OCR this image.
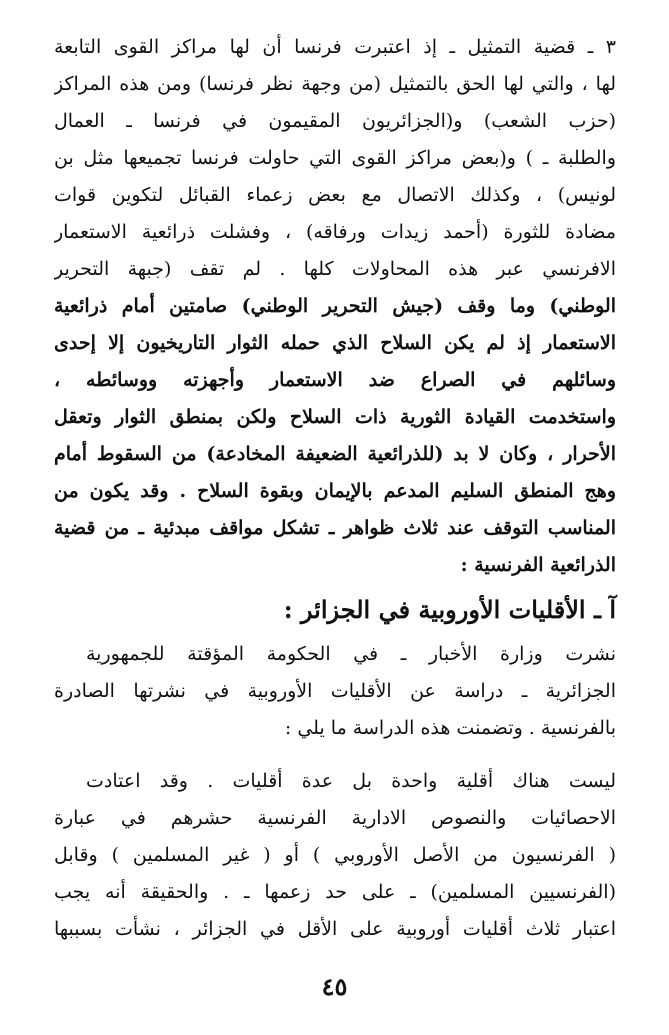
٣ ـ قضية التمثيل ـ إذ اعتبرت فرنسا أن لها مراكز القوى التابعة
لها ، والتي لها الحق بالتمثيل (من وجهة نظر فرنسا) ومن هذه المراكز
(حزب الشعب) و(الجزائريون المقيمون في فرنسا ـ العمال
والطلبة ـ ) و(بعض مراكز القوى التي حاولت فرنسا تجميعها مثل بن
لونيس) ، وكذلك الاتصال مع بعض زعماء القبائل لتكوين قوات
مضادة للثورة (أحمد زيدات ورفاقه) ، وفشلت ذرائعية الاستعمار
الافرنسي عبر هذه المحاولات كلها . لم تقف (جبهة التحرير
الوطني) وما وقف (جيش التحرير الوطني) صامتين أمام ذرائعية
الاستعمار إذ لم يكن السلاح الذي حمله الثوار التاريخيون إلا إحدى
وسائلهم في الصراع ضد الاستعمار وأجهزته ووسائطه ،
واستخدمت القيادة الثورية ذات السلاح ولكن بمنطق الثوار وتعقل
الأحرار ، وكان لا بد (للذرائعية الضعيفة المخادعة) من السقوط أمام
وهج المنطق السليم المدعم بالإيمان وبقوة السلاح . وقد يكون من
المناسب التوقف عند ثلاث ظواهر ـ تشكل مواقف مبدئية ـ من قضية
الذرائعية الفرنسية :
آ ـ الأقليات الأوروبية في الجزائر :
نشرت وزارة الأخبار ـ في الحكومة المؤقتة للجمهورية
الجزائرية ـ دراسة عن الأقليات الأوروبية في نشرتها الصادرة
بالفرنسية . وتضمنت هذه الدراسة ما يلي :
ليست هناك أقلية واحدة بل عدة أقليات . وقد اعتادت
الاحصائيات والنصوص الادارية الفرنسية حشرهم في عبارة
( الفرنسيون من الأصل الأوروبي ) أو ( غير المسلمين ) وقابل
(الفرنسيين المسلمين) ـ على حد زعمها ـ . والحقيقة أنه يجب
اعتبار ثلاث أقليات أوروبية على الأقل في الجزائر ، نشأت بسببها
٤٥
